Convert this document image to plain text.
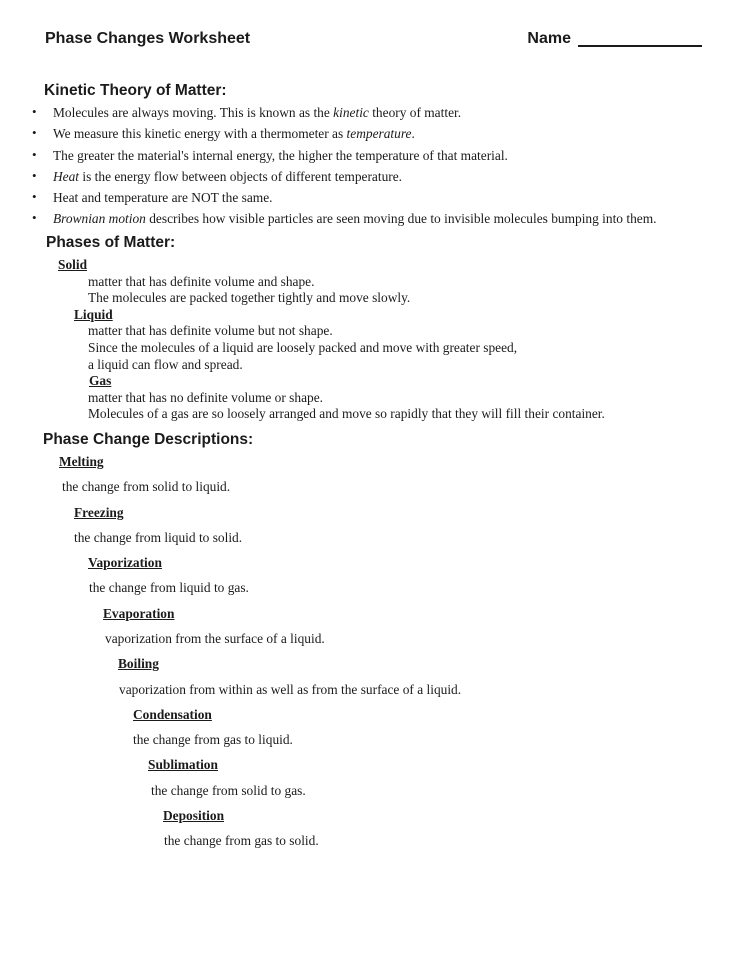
Phase Changes Worksheet	Name
Kinetic Theory of Matter:
• Molecules are always moving. This is known as the kinetic theory of matter.
• We measure this kinetic energy with a thermometer as temperature.
• The greater the material's internal energy, the higher the temperature of that material.
• Heat is the energy flow between objects of different temperature.
• Heat and temperature are NOT the same.
• Brownian motion describes how visible particles are seen moving due to invisible molecules bumping into them.
Phases of Matter:
Solid
matter that has definite volume and shape.
The molecules are packed together tightly and move slowly.
Liquid
matter that has definite volume but not shape.
Since the molecules of a liquid are loosely packed and move with greater speed,
a liquid can flow and spread.
Gas
matter that has no definite volume or shape.
Molecules of a gas are so loosely arranged and move so rapidly that they will fill their container.
Phase Change Descriptions:
Melting
the change from solid to liquid.
Freezing
the change from liquid to solid.
Vaporization
the change from liquid to gas.
Evaporation
vaporization from the surface of a liquid.
Boiling
vaporization from within as well as from the surface of a liquid.
Condensation
the change from gas to liquid.
Sublimation
the change from solid to gas.
Deposition
the change from gas to solid.
